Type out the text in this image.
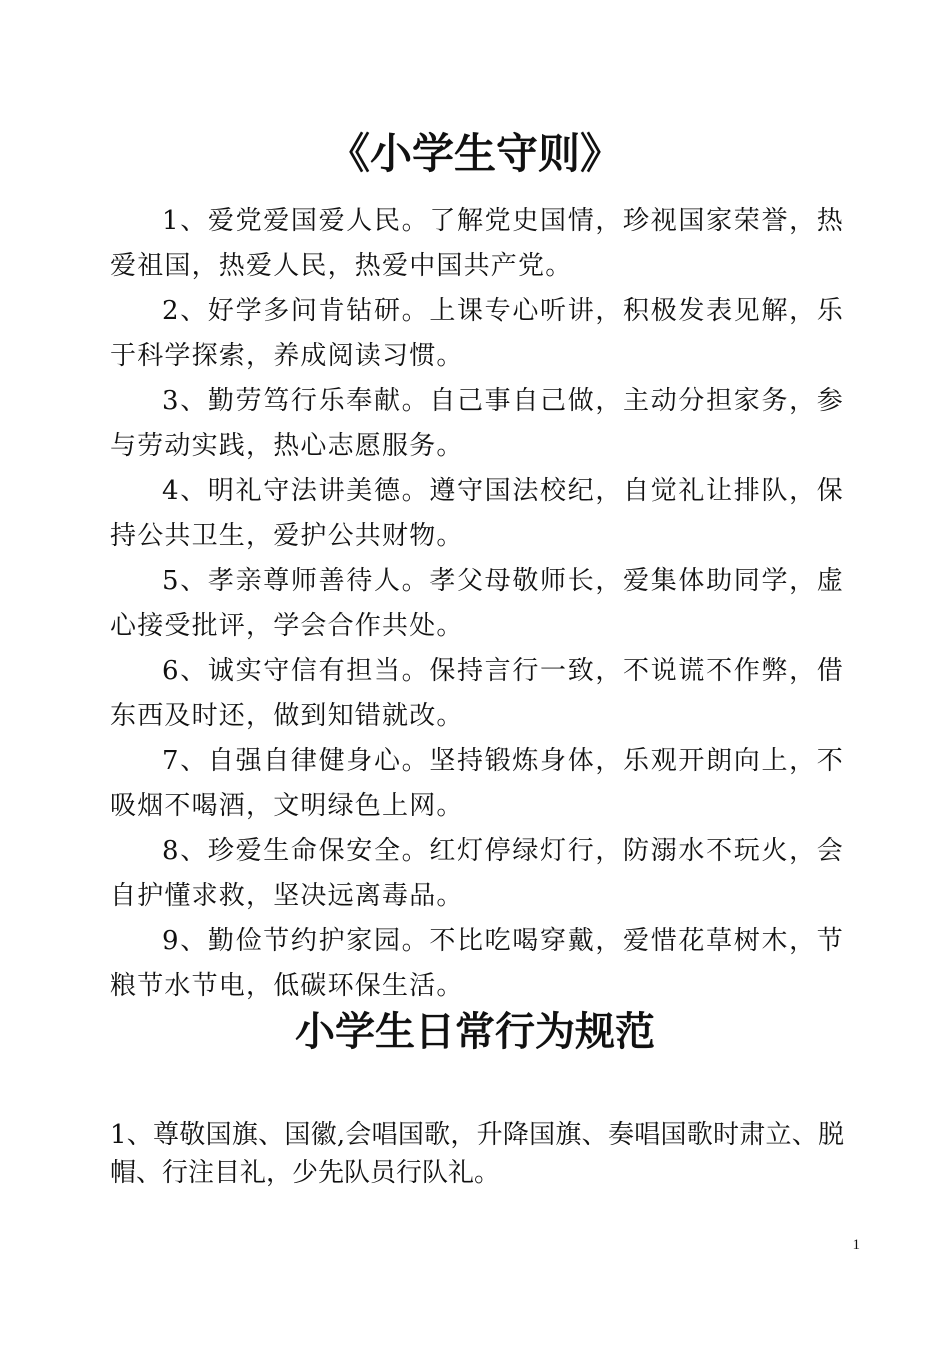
《小学生守则》

1、爱党爱国爱人民。了解党史国情，珍视国家荣誉，热爱祖国，热爱人民，热爱中国共产党。

2、好学多问肯钻研。上课专心听讲，积极发表见解，乐于科学探索，养成阅读习惯。

3、勤劳笃行乐奉献。自己事自己做，主动分担家务，参与劳动实践，热心志愿服务。

4、明礼守法讲美德。遵守国法校纪，自觉礼让排队，保持公共卫生，爱护公共财物。

5、孝亲尊师善待人。孝父母敬师长，爱集体助同学，虚心接受批评，学会合作共处。

6、诚实守信有担当。保持言行一致，不说谎不作弊，借东西及时还，做到知错就改。

7、自强自律健身心。坚持锻炼身体，乐观开朗向上，不吸烟不喝酒，文明绿色上网。

8、珍爱生命保安全。红灯停绿灯行，防溺水不玩火，会自护懂求救，坚决远离毒品。

9、勤俭节约护家园。不比吃喝穿戴，爱惜花草树木，节粮节水节电，低碳环保生活。

小学生日常行为规范

1、尊敬国旗、国徽,会唱国歌，升降国旗、奏唱国歌时肃立、脱帽、行注目礼，少先队员行队礼。

1
